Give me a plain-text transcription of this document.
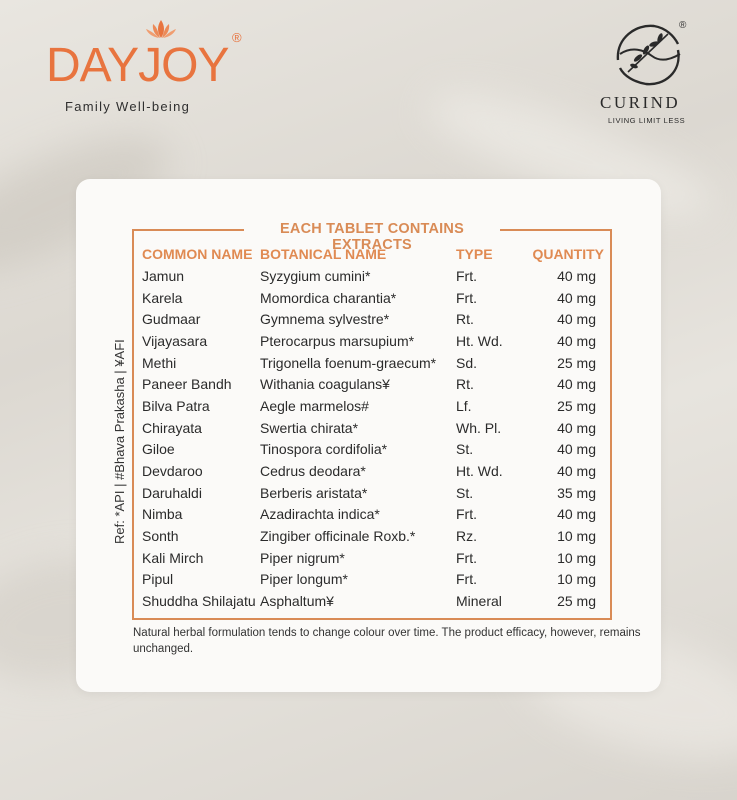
DAYJOY
®
Family Well-being
®
CURIND
LIVING LIMIT LESS
EACH TABLET CONTAINS EXTRACTS
Ref: *API | #Bhava Prakasha | ¥AFI
COMMON NAME	BOTANICAL NAME	TYPE	QUANTITY
Jamun	Syzygium cumini*	Frt.	40 mg
Karela	Momordica charantia*	Frt.	40 mg
Gudmaar	Gymnema sylvestre*	Rt.	40 mg
Vijayasara	Pterocarpus marsupium*	Ht. Wd.	40 mg
Methi	Trigonella foenum-graecum*	Sd.	25 mg
Paneer Bandh	Withania coagulans¥	Rt.	40 mg
Bilva Patra	Aegle marmelos#	Lf.	25 mg
Chirayata	Swertia chirata*	Wh. Pl.	40 mg
Giloe	Tinospora cordifolia*	St.	40 mg
Devdaroo	Cedrus deodara*	Ht. Wd.	40 mg
Daruhaldi	Berberis aristata*	St.	35 mg
Nimba	Azadirachta indica*	Frt.	40 mg
Sonth	Zingiber officinale Roxb.*	Rz.	10 mg
Kali Mirch	Piper nigrum*	Frt.	10 mg
Pipul	Piper longum*	Frt.	10 mg
Shuddha Shilajatu	Asphaltum¥	Mineral	25 mg
Natural herbal formulation tends to change colour over time. The product efficacy, however, remains unchanged.
